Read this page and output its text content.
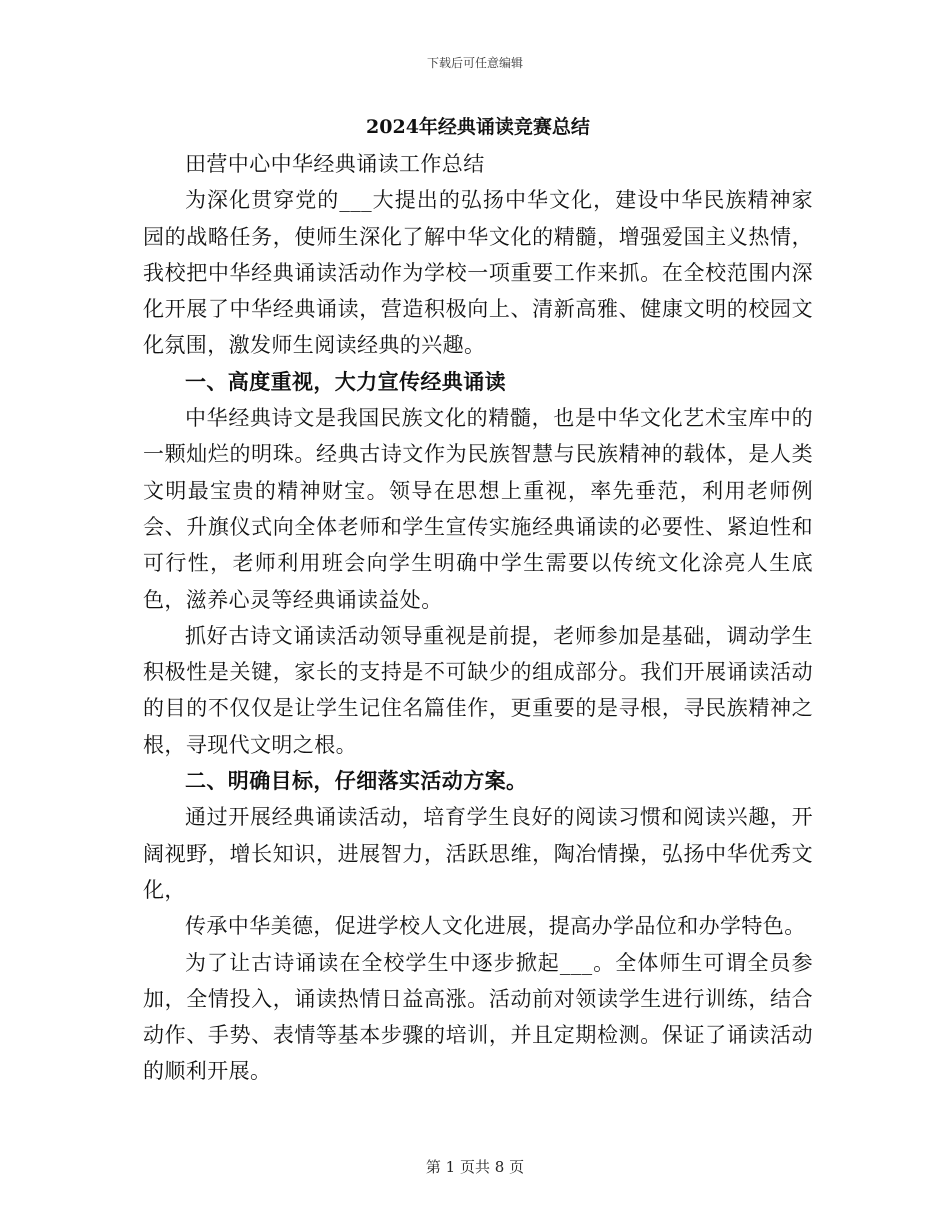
下载后可任意编辑
2024年经典诵读竞赛总结

田营中心中华经典诵读工作总结

为深化贯穿党的___大提出的弘扬中华文化，建设中华民族精神家园的战略任务，使师生深化了解中华文化的精髓，增强爱国主义热情，我校把中华经典诵读活动作为学校一项重要工作来抓。在全校范围内深化开展了中华经典诵读，营造积极向上、清新高雅、健康文明的校园文化氛围，激发师生阅读经典的兴趣。

一、高度重视，大力宣传经典诵读

中华经典诗文是我国民族文化的精髓，也是中华文化艺术宝库中的一颗灿烂的明珠。经典古诗文作为民族智慧与民族精神的载体，是人类文明最宝贵的精神财宝。领导在思想上重视，率先垂范，利用老师例会、升旗仪式向全体老师和学生宣传实施经典诵读的必要性、紧迫性和可行性，老师利用班会向学生明确中学生需要以传统文化涂亮人生底色，滋养心灵等经典诵读益处。

抓好古诗文诵读活动领导重视是前提，老师参加是基础，调动学生积极性是关键，家长的支持是不可缺少的组成部分。我们开展诵读活动的目的不仅仅是让学生记住名篇佳作，更重要的是寻根，寻民族精神之根，寻现代文明之根。

二、明确目标，仔细落实活动方案。

通过开展经典诵读活动，培育学生良好的阅读习惯和阅读兴趣，开阔视野，增长知识，进展智力，活跃思维，陶冶情操，弘扬中华优秀文化，

传承中华美德，促进学校人文化进展，提高办学品位和办学特色。

为了让古诗诵读在全校学生中逐步掀起___。全体师生可谓全员参加，全情投入，诵读热情日益高涨。活动前对领读学生进行训练，结合动作、手势、表情等基本步骤的培训，并且定期检测。保证了诵读活动的顺利开展。

第 1 页共 8 页
